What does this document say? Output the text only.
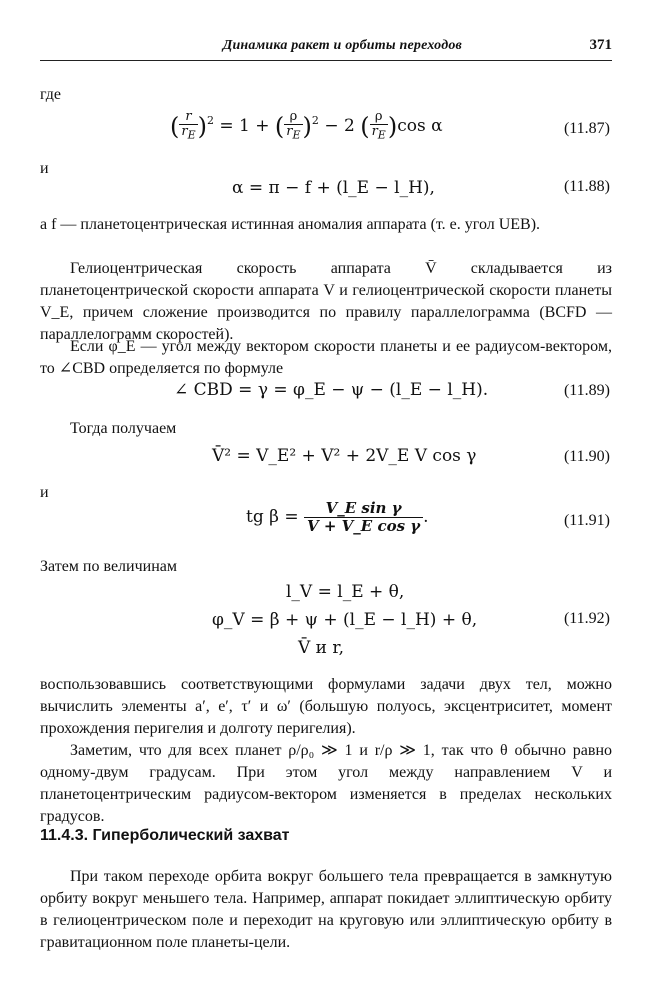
Динамика ракет и орбиты переходов	371
где
( $\frac{r}{r_E} )^2 = 1$ + ( $\frac{\rho}{r_E} )^2 - 2$ ( $\frac{\rho}{r_E} )\cos$ α	(11.87)
и
α = π − f + (l_E − l_H),	(11.88)
а f — планетоцентрическая истинная аномалия аппарата (т. е. угол UEB).
Гелиоцентрическая скорость аппарата V̄ складывается из планетоцентрической скорости аппарата V и гелиоцентрической скорости планеты V_E, причем сложение производится по правилу параллелограмма (BCFD — параллелограмм скоростей).
Если φ_E — угол между вектором скорости планеты и ее радиусом-вектором, то ∠CBD определяется по формуле
∠ CBD = γ = φ_E − ψ − (l_E − l_H).	(11.89)
Тогда получаем
V̄² = V_E² + V² + 2V_E V cos γ	(11.90)
и
tg $\beta = \frac{\text{V\_E sin γ}}{\text{V + V\_E cos γ}}$ .	(11.91)
Затем по величинам
l_V = l_E + θ,
φ_V = β + ψ + (l_E − l_H) + θ,	(11.92)
V̄ и r,
воспользовавшись соответствующими формулами задачи двух тел, можно вычислить элементы a′, e′, τ′ и ω′ (большую полуось, эксцентриситет, момент прохождения перигелия и долготу перигелия).
Заметим, что для всех планет ρ/ρ₀ ≫ 1 и r/ρ ≫ 1, так что θ обычно равно одному-двум градусам. При этом угол между направлением V и планетоцентрическим радиусом-вектором изменяется в пределах нескольких градусов.
11.4.3. Гиперболический захват
При таком переходе орбита вокруг большего тела превращается в замкнутую орбиту вокруг меньшего тела. Например, аппарат покидает эллиптическую орбиту в гелиоцентрическом поле и переходит на круговую или эллиптическую орбиту в гравитационном поле планеты-цели.
